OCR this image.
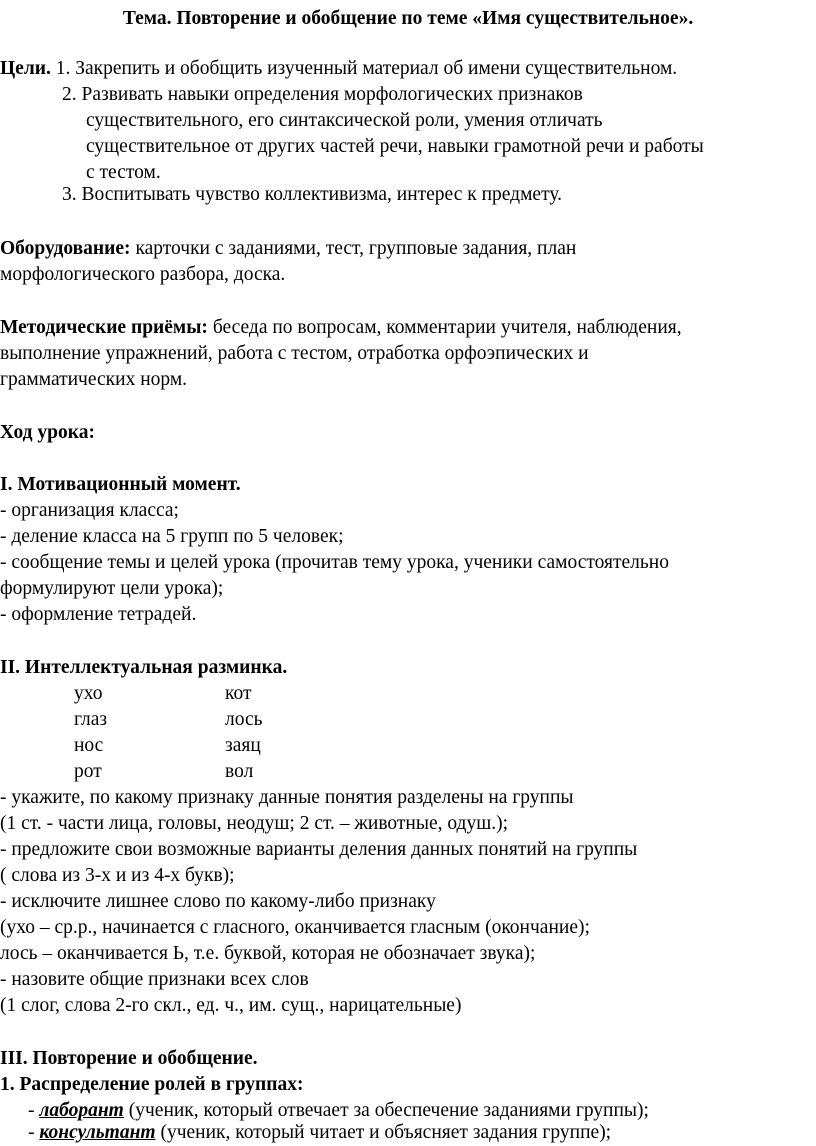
Тема. Повторение и обобщение по теме «Имя существительное».
Цели. 1. Закрепить и обобщить изученный материал об имени существительном.
2. Развивать навыки определения морфологических признаков
существительного, его синтаксической роли, умения отличать
существительное от других частей речи, навыки грамотной речи и работы
с тестом.
3. Воспитывать чувство коллективизма, интерес к предмету.
Оборудование: карточки с заданиями, тест, групповые задания, план
морфологического разбора, доска.
Методические приёмы: беседа по вопросам, комментарии учителя, наблюдения,
выполнение упражнений, работа с тестом, отработка орфоэпических и
грамматических норм.
Ход урока:
I. Мотивационный момент.
- организация класса;
- деление класса на 5 групп по 5 человек;
- сообщение темы и целей урока (прочитав тему урока, ученики самостоятельно
формулируют цели урока);
- оформление тетрадей.
II. Интеллектуальная разминка.
ухо	кот
глаз	лось
нос	заяц
рот	вол
- укажите, по какому признаку данные понятия разделены на группы
(1 ст. - части лица, головы, неодуш; 2 ст. – животные, одуш.);
- предложите свои возможные варианты деления данных понятий на группы
( слова из 3-х и из 4-х букв);
- исключите лишнее слово по какому-либо признаку
(ухо – ср.р., начинается с гласного, оканчивается гласным (окончание);
лось – оканчивается Ь, т.е. буквой, которая не обозначает звука);
- назовите общие признаки всех слов
(1 слог, слова 2-го скл., ед. ч., им. сущ., нарицательные)
III. Повторение и обобщение.
1. Распределение ролей в группах:
- лаборант (ученик, который отвечает за обеспечение заданиями группы);
- консультант (ученик, который читает и объясняет задания группе);
